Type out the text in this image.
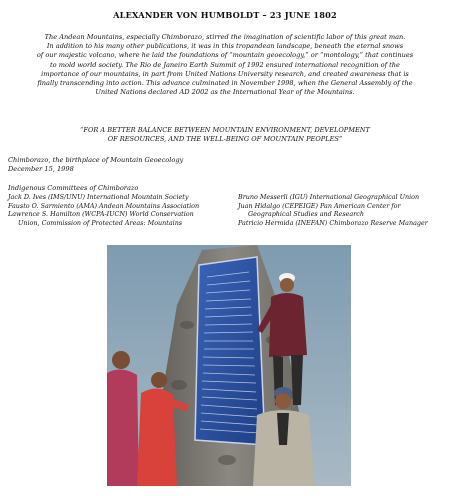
ALEXANDER VON HUMBOLDT – 23 JUNE 1802
The Andean Mountains, especially Chimborazo, stirred the imagination of scientific labor of this great man.
In addition to his many other publications, it was in this tropandean landscape, beneath the eternal snows
of our majestic volcano, where he laid the foundations of “mountain geoecology,” or “montology,” that continues
to mold world society. The Rio de Janeiro Earth Summit of 1992 ensured international recognition of the
importance of our mountains, in part from United Nations University research, and created awareness that is
finally transcending into action. This advance culminated in November 1998, when the General Assembly of the
United Nations declared AD 2002 as the International Year of the Mountains.
“FOR A BETTER BALANCE BETWEEN MOUNTAIN ENVIRONMENT, DEVELOPMENT
OF RESOURCES, AND THE WELL-BEING OF MOUNTAIN PEOPLES”
Chimborazo, the birthplace of Mountain Geoecology
December 15, 1998
Indigenous Committees of Chimborazo
Jack D. Ives (IMS/UNU) International Mountain Society
Fausto O. Sarmiento (AMA) Andean Mountains Association
Lawrence S. Hamilton (WCPA-IUCN) World Conservation
Union, Commission of Protected Areas: Mountains
Bruno Messerli (IGU) International Geographical Union
Juan Hidalgo (CEPEIGE) Pan American Center for
Geographical Studies and Research
Patricio Hermida (INEFAN) Chimborazo Reserve Manager
